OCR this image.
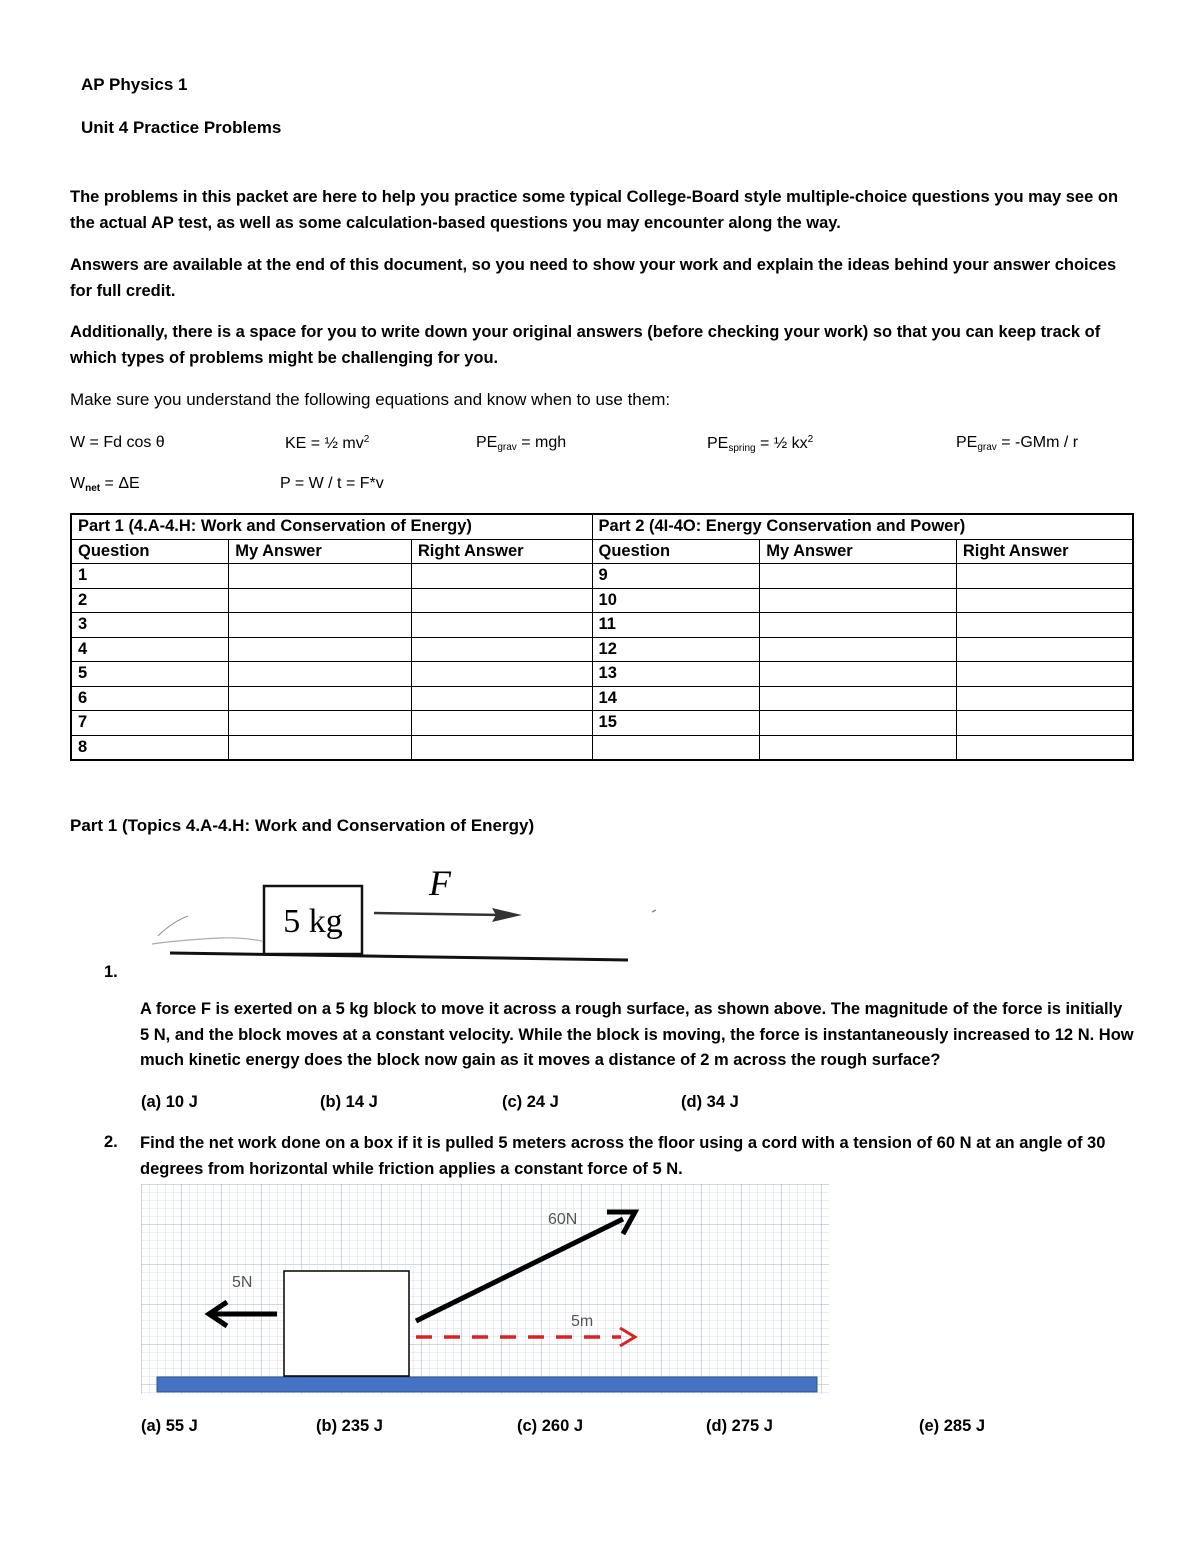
AP Physics 1
Unit 4 Practice Problems
The problems in this packet are here to help you practice some typical College-Board style multiple-choice questions you may see on the actual AP test, as well as some calculation-based questions you may encounter along the way.
Answers are available at the end of this document, so you need to show your work and explain the ideas behind your answer choices for full credit.
Additionally, there is a space for you to write down your original answers (before checking your work) so that you can keep track of which types of problems might be challenging for you.
Make sure you understand the following equations and know when to use them:
W = Fd cos θ	KE = ½ $mv^2$	$PE_{grav}$ = mgh	$PE_{spring}$ = ½ $kx^2$	$PE_{grav} = -GMm / r$
$W_{net} = \Delta E$	P = W / t = F*v
Part 1 (4.A-4.H: Work and Conservation of Energy)			Part 2 (4I-4O: Energy Conservation and Power)		
Question	My Answer	Right Answer	Question	My Answer	Right Answer
1			9		
2			10		
3			11		
4			12		
5			13		
6			14		
7			15		
8					
Part 1 (Topics 4.A-4.H: Work and Conservation of Energy)
5 kg
F
1.
A force F is exerted on a 5 kg block to move it across a rough surface, as shown above. The magnitude of the force is initially 5 N, and the block moves at a constant velocity. While the block is moving, the force is instantaneously increased to 12 N. How much kinetic energy does the block now gain as it moves a distance of 2 m across the rough surface?
(a) 10 J	(b) 14 J	(c) 24 J	(d) 34 J
2. Find the net work done on a box if it is pulled 5 meters across the floor using a cord with a tension of 60 N at an angle of 30 degrees from horizontal while friction applies a constant force of 5 N.
60N
5N
5m
(a) 55 J	(b) 235 J	(c) 260 J	(d) 275 J	(e) 285 J
